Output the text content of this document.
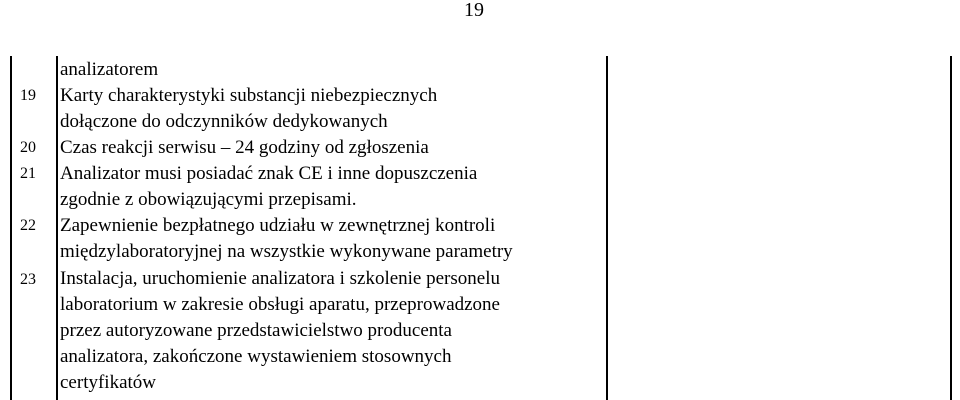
19
analizatorem
19	Karty charakterystyki substancji niebezpiecznych
dołączone do odczynników dedykowanych
20	Czas reakcji serwisu – 24 godziny od zgłoszenia
21	Analizator musi posiadać znak CE i inne dopuszczenia
zgodnie z obowiązującymi przepisami.
22	Zapewnienie bezpłatnego udziału w zewnętrznej kontroli
międzylaboratoryjnej na wszystkie wykonywane parametry
23	Instalacja, uruchomienie analizatora i szkolenie personelu
laboratorium w zakresie obsługi aparatu, przeprowadzone
przez autoryzowane przedstawicielstwo producenta
analizatora, zakończone wystawieniem stosownych
certyfikatów
